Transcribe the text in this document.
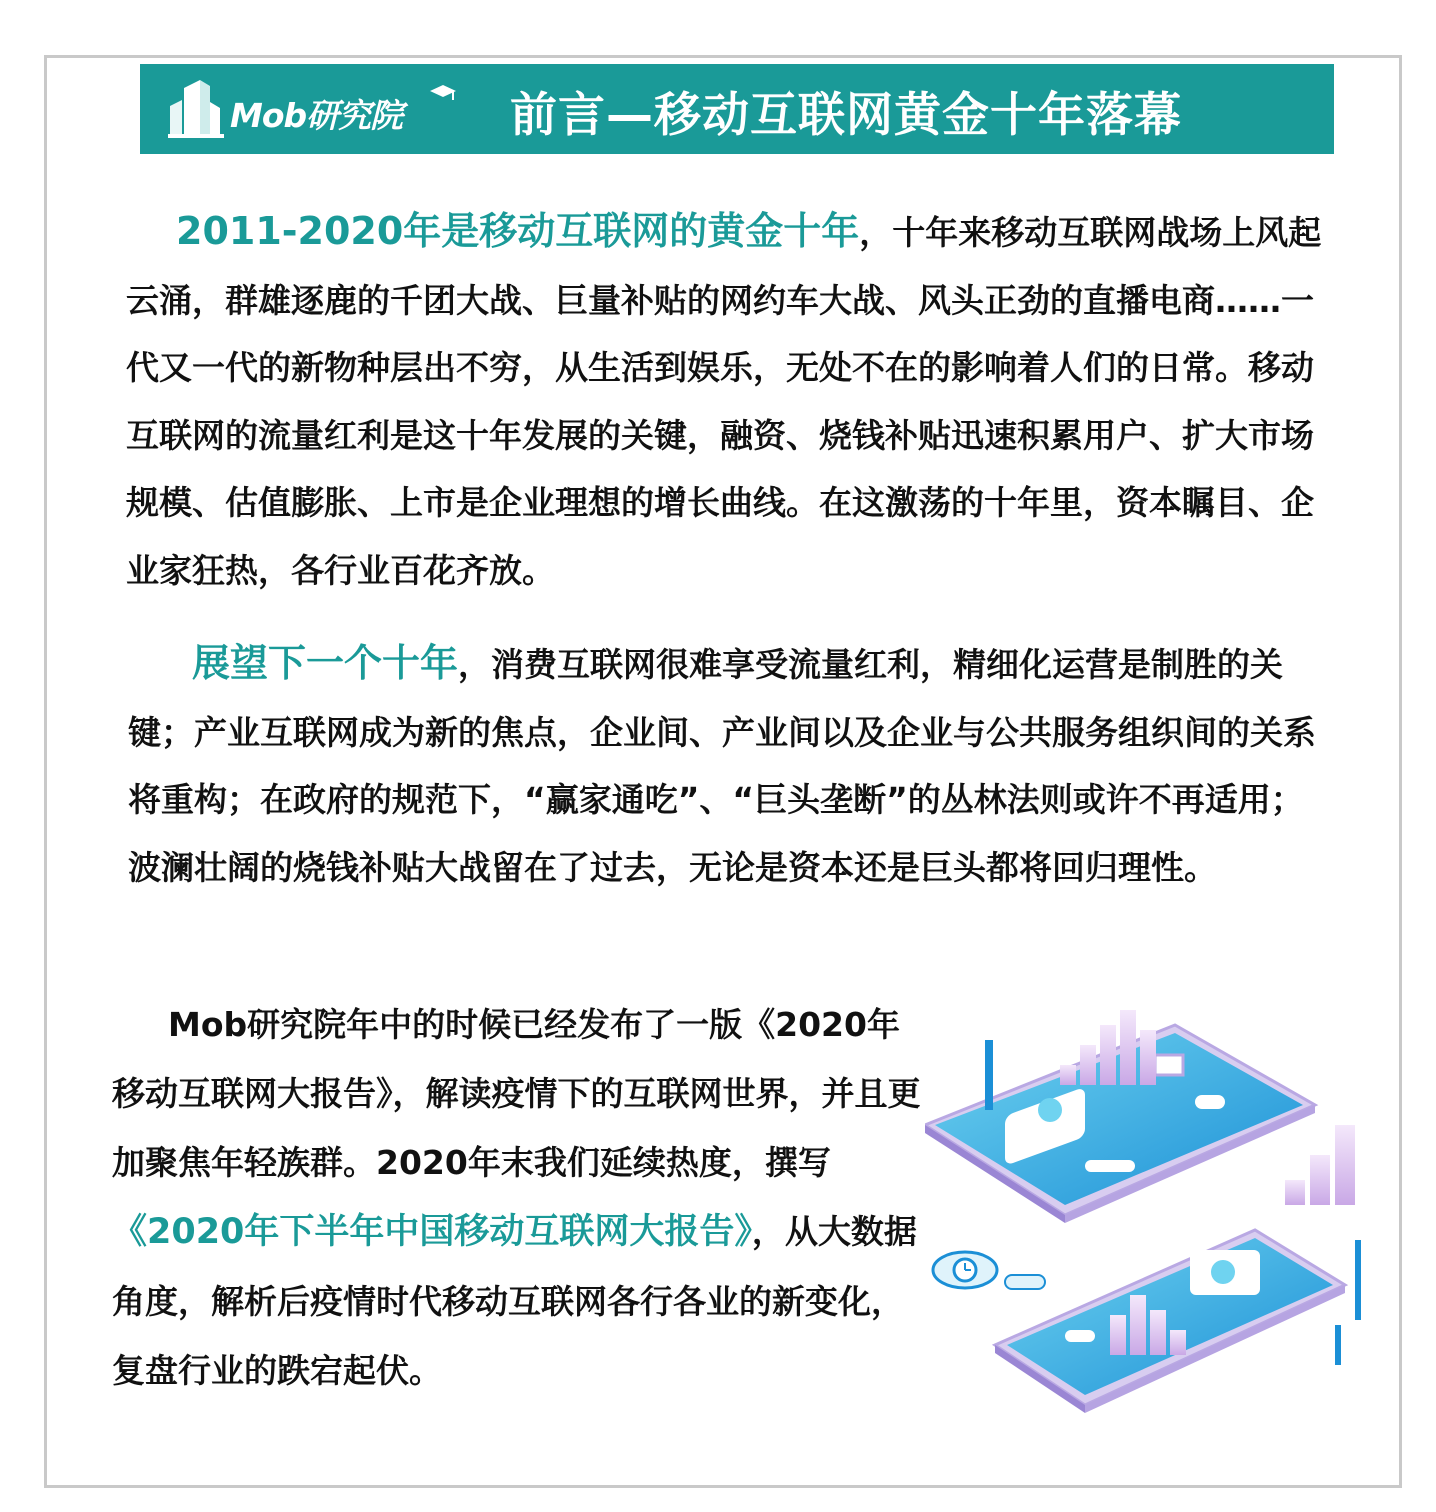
Mob研究院 前言—移动互联网黄金十年落幕

2011-2020年是移动互联网的黄金十年，十年来移动互联网战场上风起云涌，群雄逐鹿的千团大战、巨量补贴的网约车大战、风头正劲的直播电商……一代又一代的新物种层出不穷，从生活到娱乐，无处不在的影响着人们的日常。移动互联网的流量红利是这十年发展的关键，融资、烧钱补贴迅速积累用户、扩大市场规模、估值膨胀、上市是企业理想的增长曲线。在这激荡的十年里，资本瞩目、企业家狂热，各行业百花齐放。

展望下一个十年，消费互联网很难享受流量红利，精细化运营是制胜的关键；产业互联网成为新的焦点，企业间、产业间以及企业与公共服务组织间的关系将重构；在政府的规范下，“赢家通吃”、“巨头垄断”的丛林法则或许不再适用；波澜壮阔的烧钱补贴大战留在了过去，无论是资本还是巨头都将回归理性。

Mob研究院年中的时候已经发布了一版《2020年移动互联网大报告》，解读疫情下的互联网世界，并且更加聚焦年轻族群。2020年末我们延续热度，撰写《2020年下半年中国移动互联网大报告》，从大数据角度，解析后疫情时代移动互联网各行各业的新变化，复盘行业的跌宕起伏。
